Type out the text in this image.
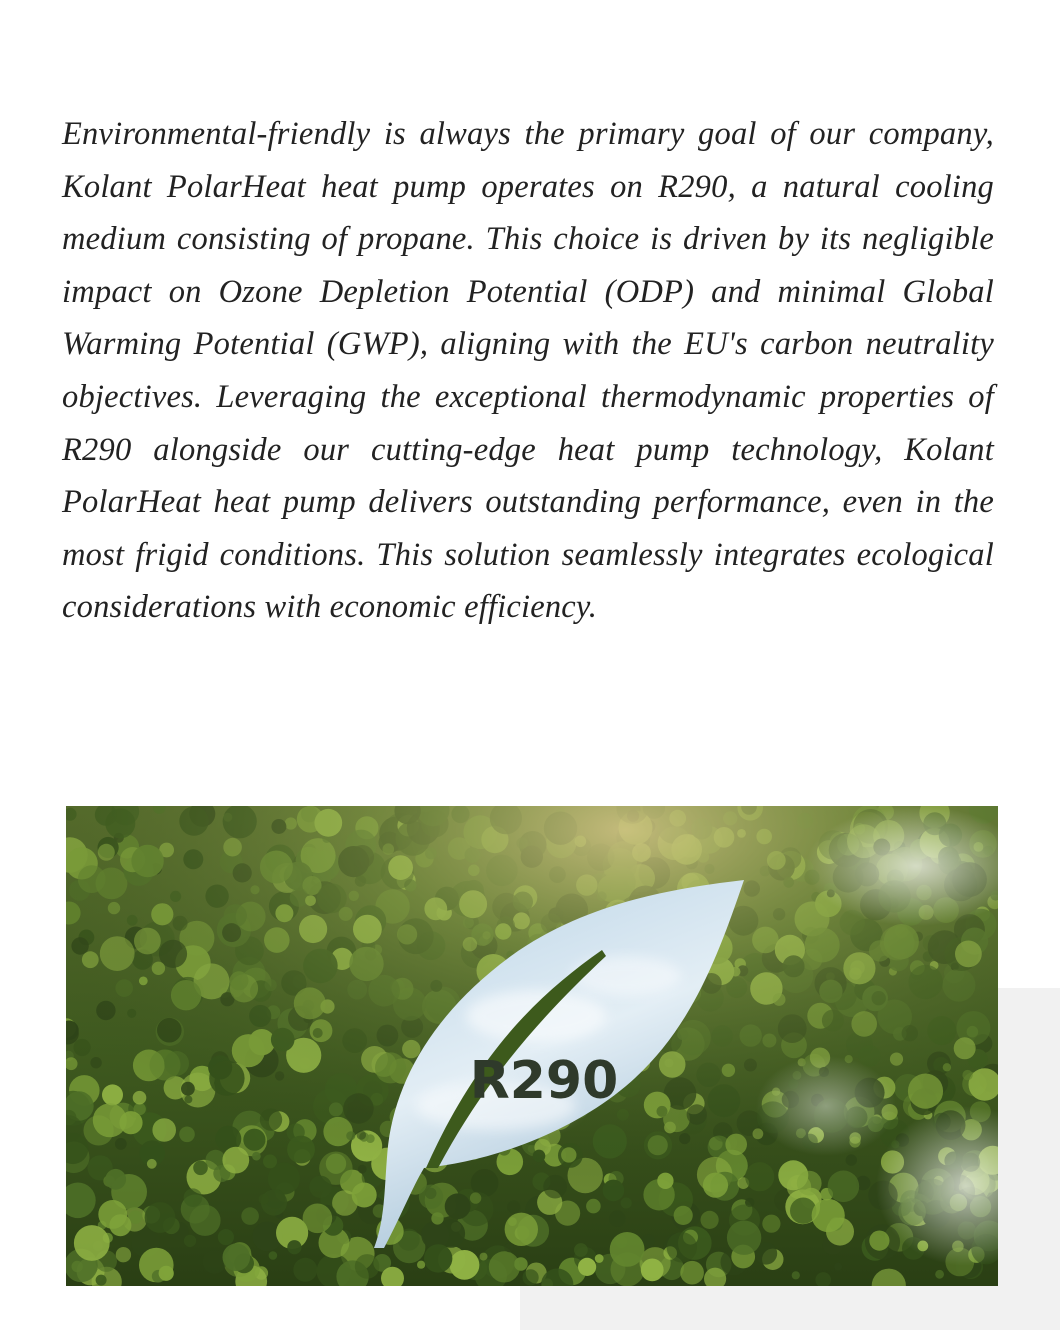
Environmental-friendly is always the primary goal of our company, Kolant PolarHeat heat pump operates on R290, a natural cooling medium consisting of propane. This choice is driven by its negligible impact on Ozone Depletion Potential (ODP) and minimal Global Warming Potential (GWP), aligning with the EU's carbon neutrality objectives. Leveraging the exceptional thermodynamic properties of R290 alongside our cutting-edge heat pump technology, Kolant PolarHeat heat pump delivers outstanding performance, even in the most frigid conditions. This solution seamlessly integrates ecological considerations with economic efficiency.

R290
